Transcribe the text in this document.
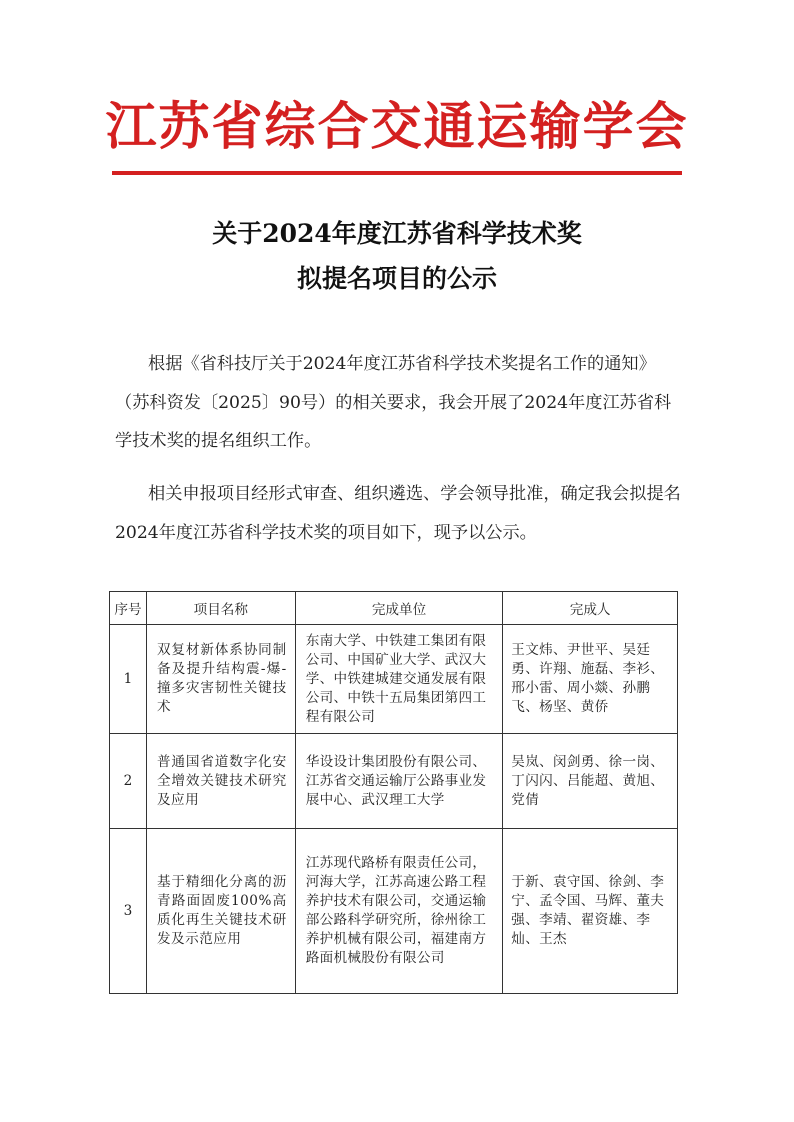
江苏省综合交通运输学会
关于2024年度江苏省科学技术奖
拟提名项目的公示

根据《省科技厅关于2024年度江苏省科学技术奖提名工作的通知》（苏科资发〔2025〕90号）的相关要求，我会开展了2024年度江苏省科学技术奖的提名组织工作。

相关申报项目经形式审查、组织遴选、学会领导批准，确定我会拟提名2024年度江苏省科学技术奖的项目如下，现予以公示。

序号	项目名称	完成单位	完成人
1	双复材新体系协同制备及提升结构震-爆-撞多灾害韧性关键技术	东南大学、中铁建工集团有限公司、中国矿业大学、武汉大学、中铁建城建交通发展有限公司、中铁十五局集团第四工程有限公司	王文炜、尹世平、吴廷勇、许翔、施磊、李衫、邢小雷、周小燚、孙鹏飞、杨坚、黄侨
2	普通国省道数字化安全增效关键技术研究及应用	华设设计集团股份有限公司、江苏省交通运输厅公路事业发展中心、武汉理工大学	吴岚、闵剑勇、徐一岗、丁闪闪、吕能超、黄旭、党倩
3	基于精细化分离的沥青路面固废100%高质化再生关键技术研发及示范应用	江苏现代路桥有限责任公司，河海大学，江苏高速公路工程养护技术有限公司，交通运输部公路科学研究所，徐州徐工养护机械有限公司，福建南方路面机械股份有限公司	于新、袁守国、徐剑、李宁、孟令国、马辉、董夫强、李靖、翟资雄、李灿、王杰
